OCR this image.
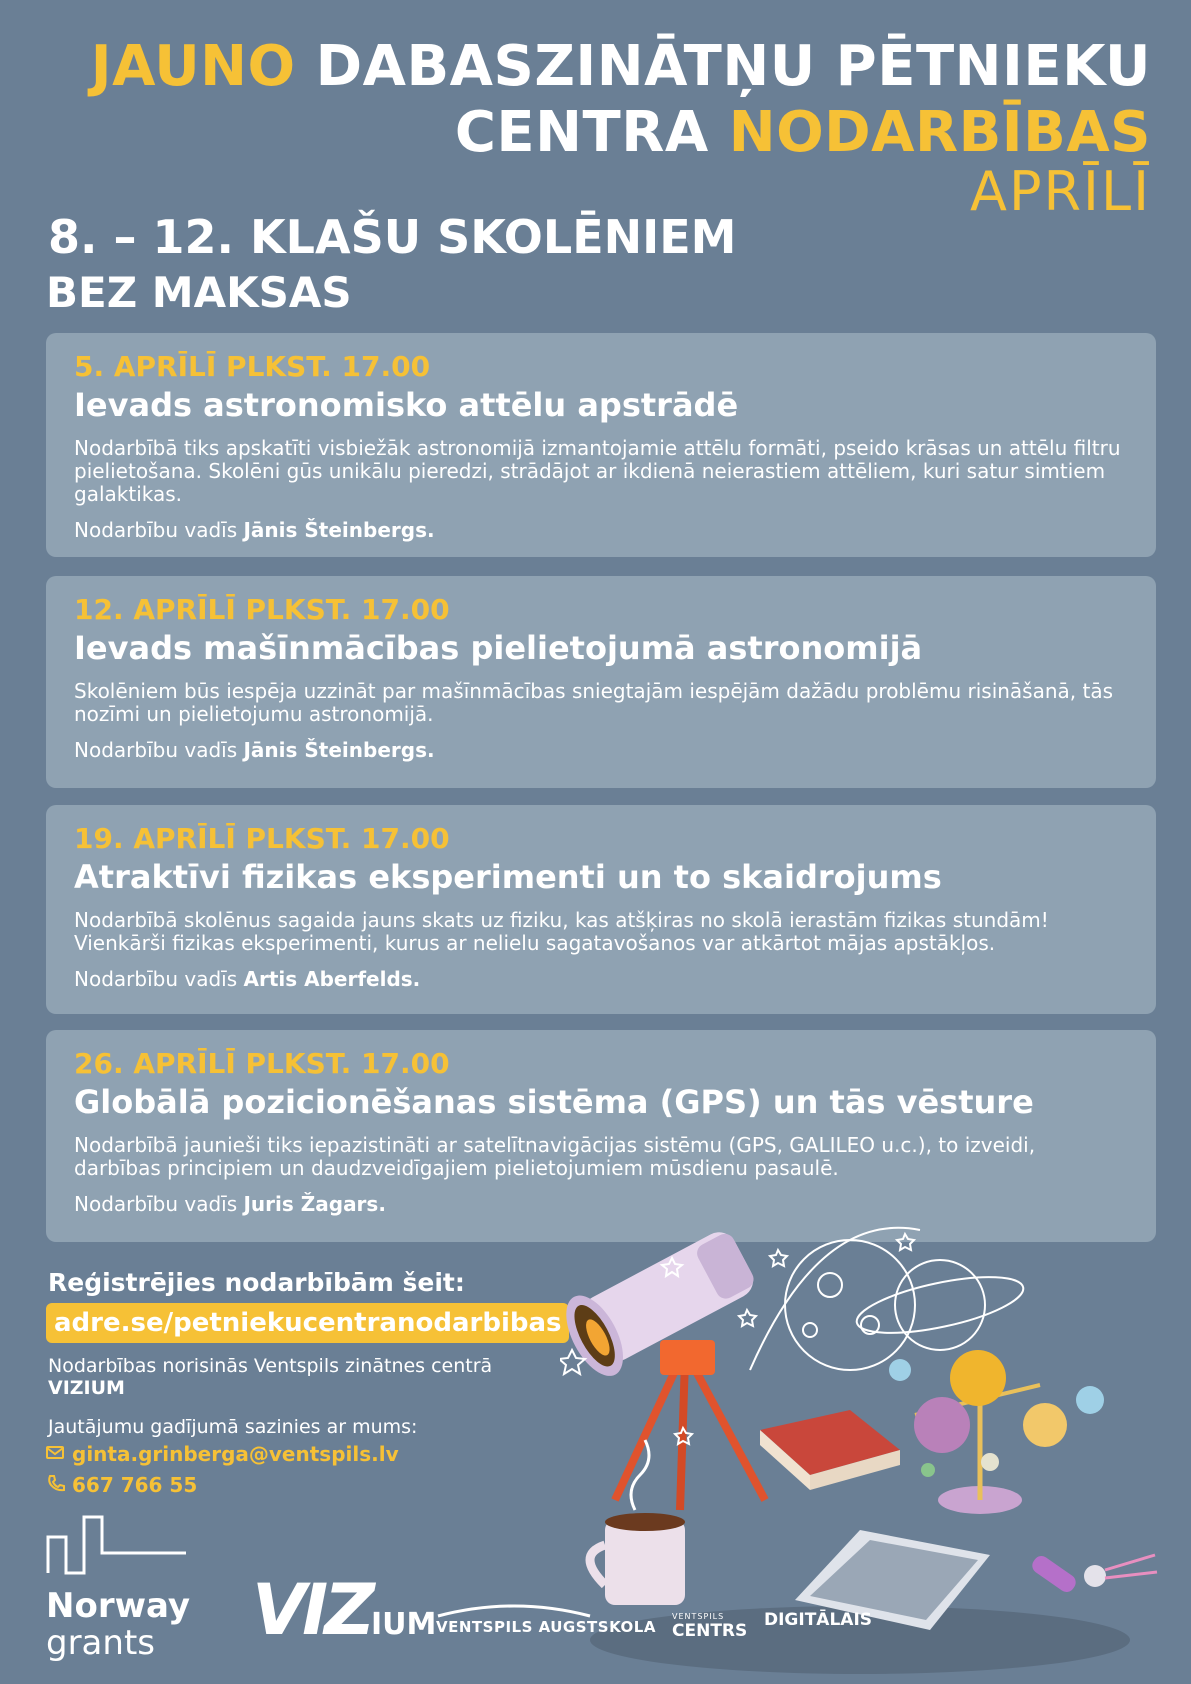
JAUNO DABASZINĀTŅU PĒTNIEKU
CENTRA NODARBĪBAS
APRĪLĪ
8. – 12. KLAŠU SKOLĒNIEM
BEZ MAKSAS
5. APRĪLĪ PLKST. 17.00
Ievads astronomisko attēlu apstrādē
Nodarbībā tiks apskatīti visbiežāk astronomijā izmantojamie attēlu formāti, pseido krāsas un attēlu filtru pielietošana. Skolēni gūs unikālu pieredzi, strādājot ar ikdienā neierastiem attēliem, kuri satur simtiem galaktikas.
Nodarbību vadīs Jānis Šteinbergs.
12. APRĪLĪ PLKST. 17.00
Ievads mašīnmācības pielietojumā astronomijā
Skolēniem būs iespēja uzzināt par mašīnmācības sniegtajām iespējām dažādu problēmu risināšanā, tās nozīmi un pielietojumu astronomijā.
Nodarbību vadīs Jānis Šteinbergs.
19. APRĪLĪ PLKST. 17.00
Atraktīvi fizikas eksperimenti un to skaidrojums
Nodarbībā skolēnus sagaida jauns skats uz fiziku, kas atšķiras no skolā ierastām fizikas stundām! Vienkārši fizikas eksperimenti, kurus ar nelielu sagatavošanos var atkārtot mājas apstākļos.
Nodarbību vadīs Artis Aberfelds.
26. APRĪLĪ PLKST. 17.00
Globālā pozicionēšanas sistēma (GPS) un tās vēsture
Nodarbībā jaunieši tiks iepazistināti ar satelītnavigācijas sistēmu (GPS, GALILEO u.c.), to izveidi, darbības principiem un daudzveidīgajiem pielietojumiem mūsdienu pasaulē.
Nodarbību vadīs Juris Žagars.
Reģistrējies nodarbībām šeit:
adre.se/petniekucentranodarbibas
Nodarbības norisinās Ventspils zinātnes centrā VIZIUM
Jautājumu gadījumā sazinies ar mums:
ginta.grinberga@ventspils.lv
667 766 55
Norway
grants	VIZIUM VENTSPILS AUGSTSKOLA
VENTSPILS
CENTRS
DIGITĀLAIS
